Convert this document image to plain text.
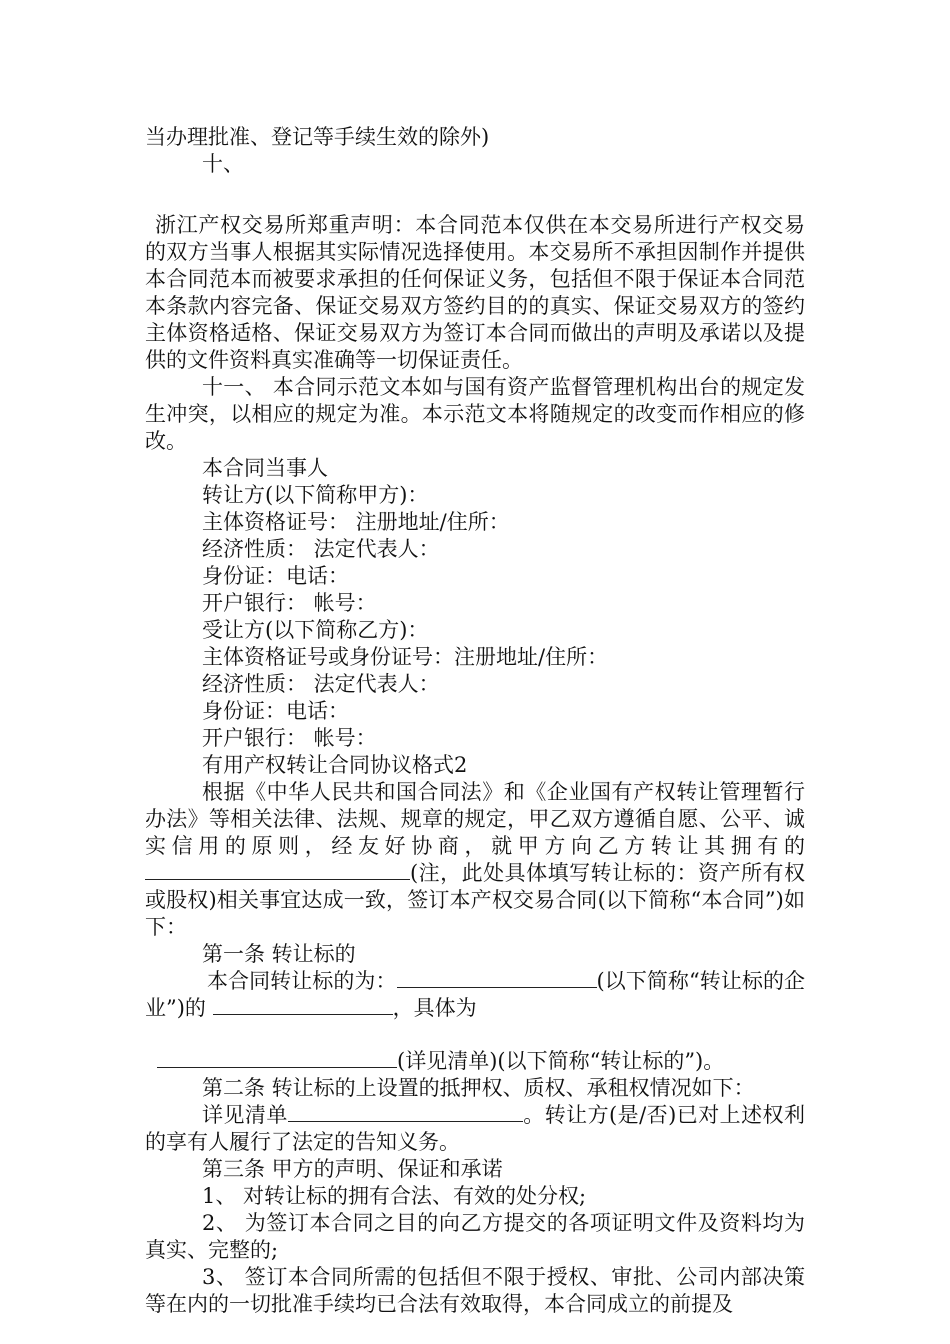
当办理批准、登记等手续生效的除外)

十、

浙江产权交易所郑重声明：本合同范本仅供在本交易所进行产权交易的双方当事人根据其实际情况选择使用。本交易所不承担因制作并提供本合同范本而被要求承担的任何保证义务，包括但不限于保证本合同范本条款内容完备、保证交易双方签约目的的真实、保证交易双方的签约主体资格适格、保证交易双方为签订本合同而做出的声明及承诺以及提供的文件资料真实准确等一切保证责任。

十一、 本合同示范文本如与国有资产监督管理机构出台的规定发生冲突，以相应的规定为准。本示范文本将随规定的改变而作相应的修改。

本合同当事人

转让方(以下简称甲方)：

主体资格证号： 注册地址/住所：

经济性质： 法定代表人：

身份证：电话：

开户银行： 帐号：

受让方(以下简称乙方)：

主体资格证号或身份证号：注册地址/住所：

经济性质： 法定代表人：

身份证：电话：

开户银行： 帐号：

有用产权转让合同协议格式2

根据《中华人民共和国合同法》和《企业国有产权转让管理暂行办法》等相关法律、法规、规章的规定，甲乙双方遵循自愿、公平、诚实信用的原则，经友好协商，就甲方向乙方转让其拥有的(注，此处具体填写转让标的：资产所有权或股权)相关事宜达成一致，签订本产权交易合同(以下简称“本合同”)如下：

第一条 转让标的

本合同转让标的为：	(以下简称“转让标的企业”)的	，具体为

(详见清单)(以下简称“转让标的”)。

第二条 转让标的上设置的抵押权、质权、承租权情况如下：

详见清单	。转让方(是/否)已对上述权利的享有人履行了法定的告知义务。

第三条 甲方的声明、保证和承诺

1、 对转让标的拥有合法、有效的处分权;

2、 为签订本合同之目的向乙方提交的各项证明文件及资料均为真实、完整的;

3、 签订本合同所需的包括但不限于授权、审批、公司内部决策等在内的一切批准手续均已合法有效取得，本合同成立的前提及
